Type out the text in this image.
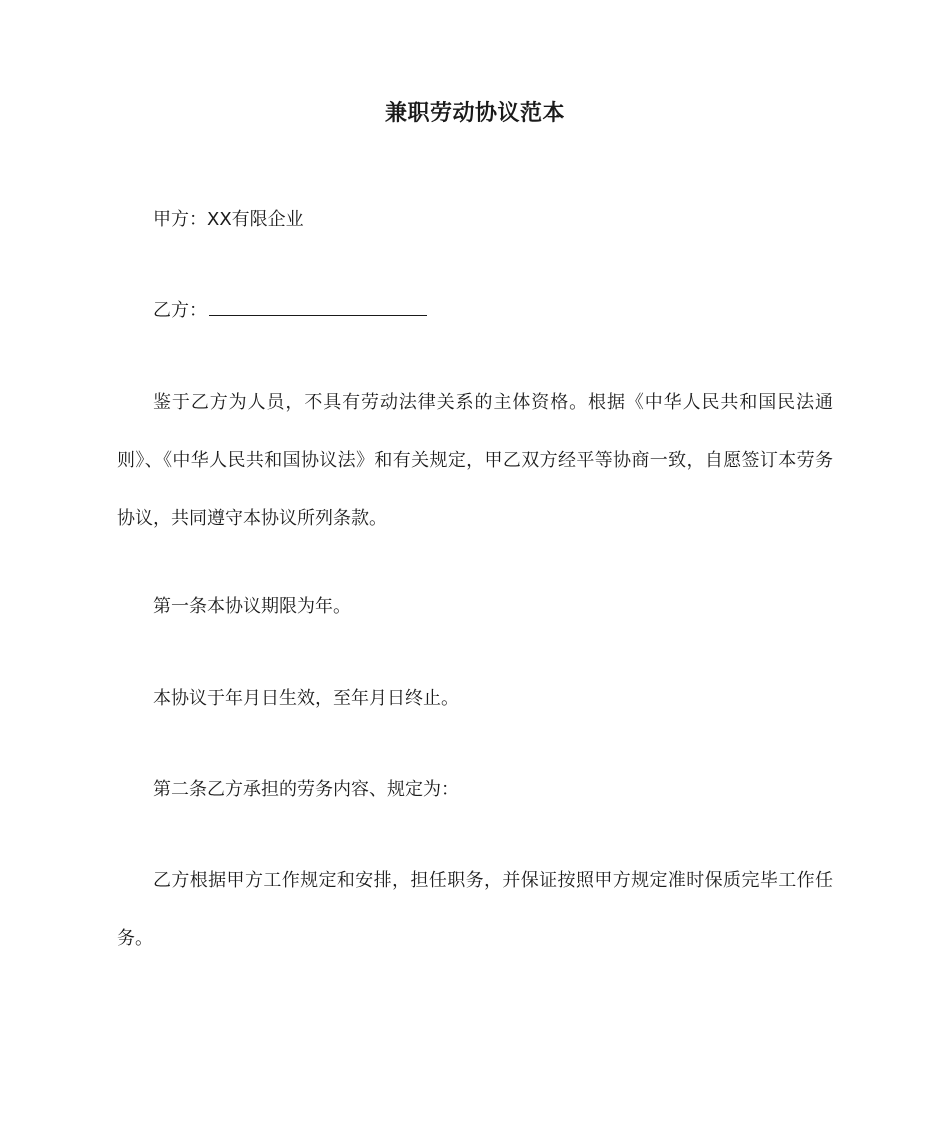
兼职劳动协议范本

甲方：XX有限企业

乙方：

鉴于乙方为人员，不具有劳动法律关系的主体资格。根据《中华人民共和国民法通则》、《中华人民共和国协议法》和有关规定，甲乙双方经平等协商一致，自愿签订本劳务协议，共同遵守本协议所列条款。

第一条本协议期限为年。

本协议于年月日生效，至年月日终止。

第二条乙方承担的劳务内容、规定为：

乙方根据甲方工作规定和安排，担任职务，并保证按照甲方规定准时保质完毕工作任务。
